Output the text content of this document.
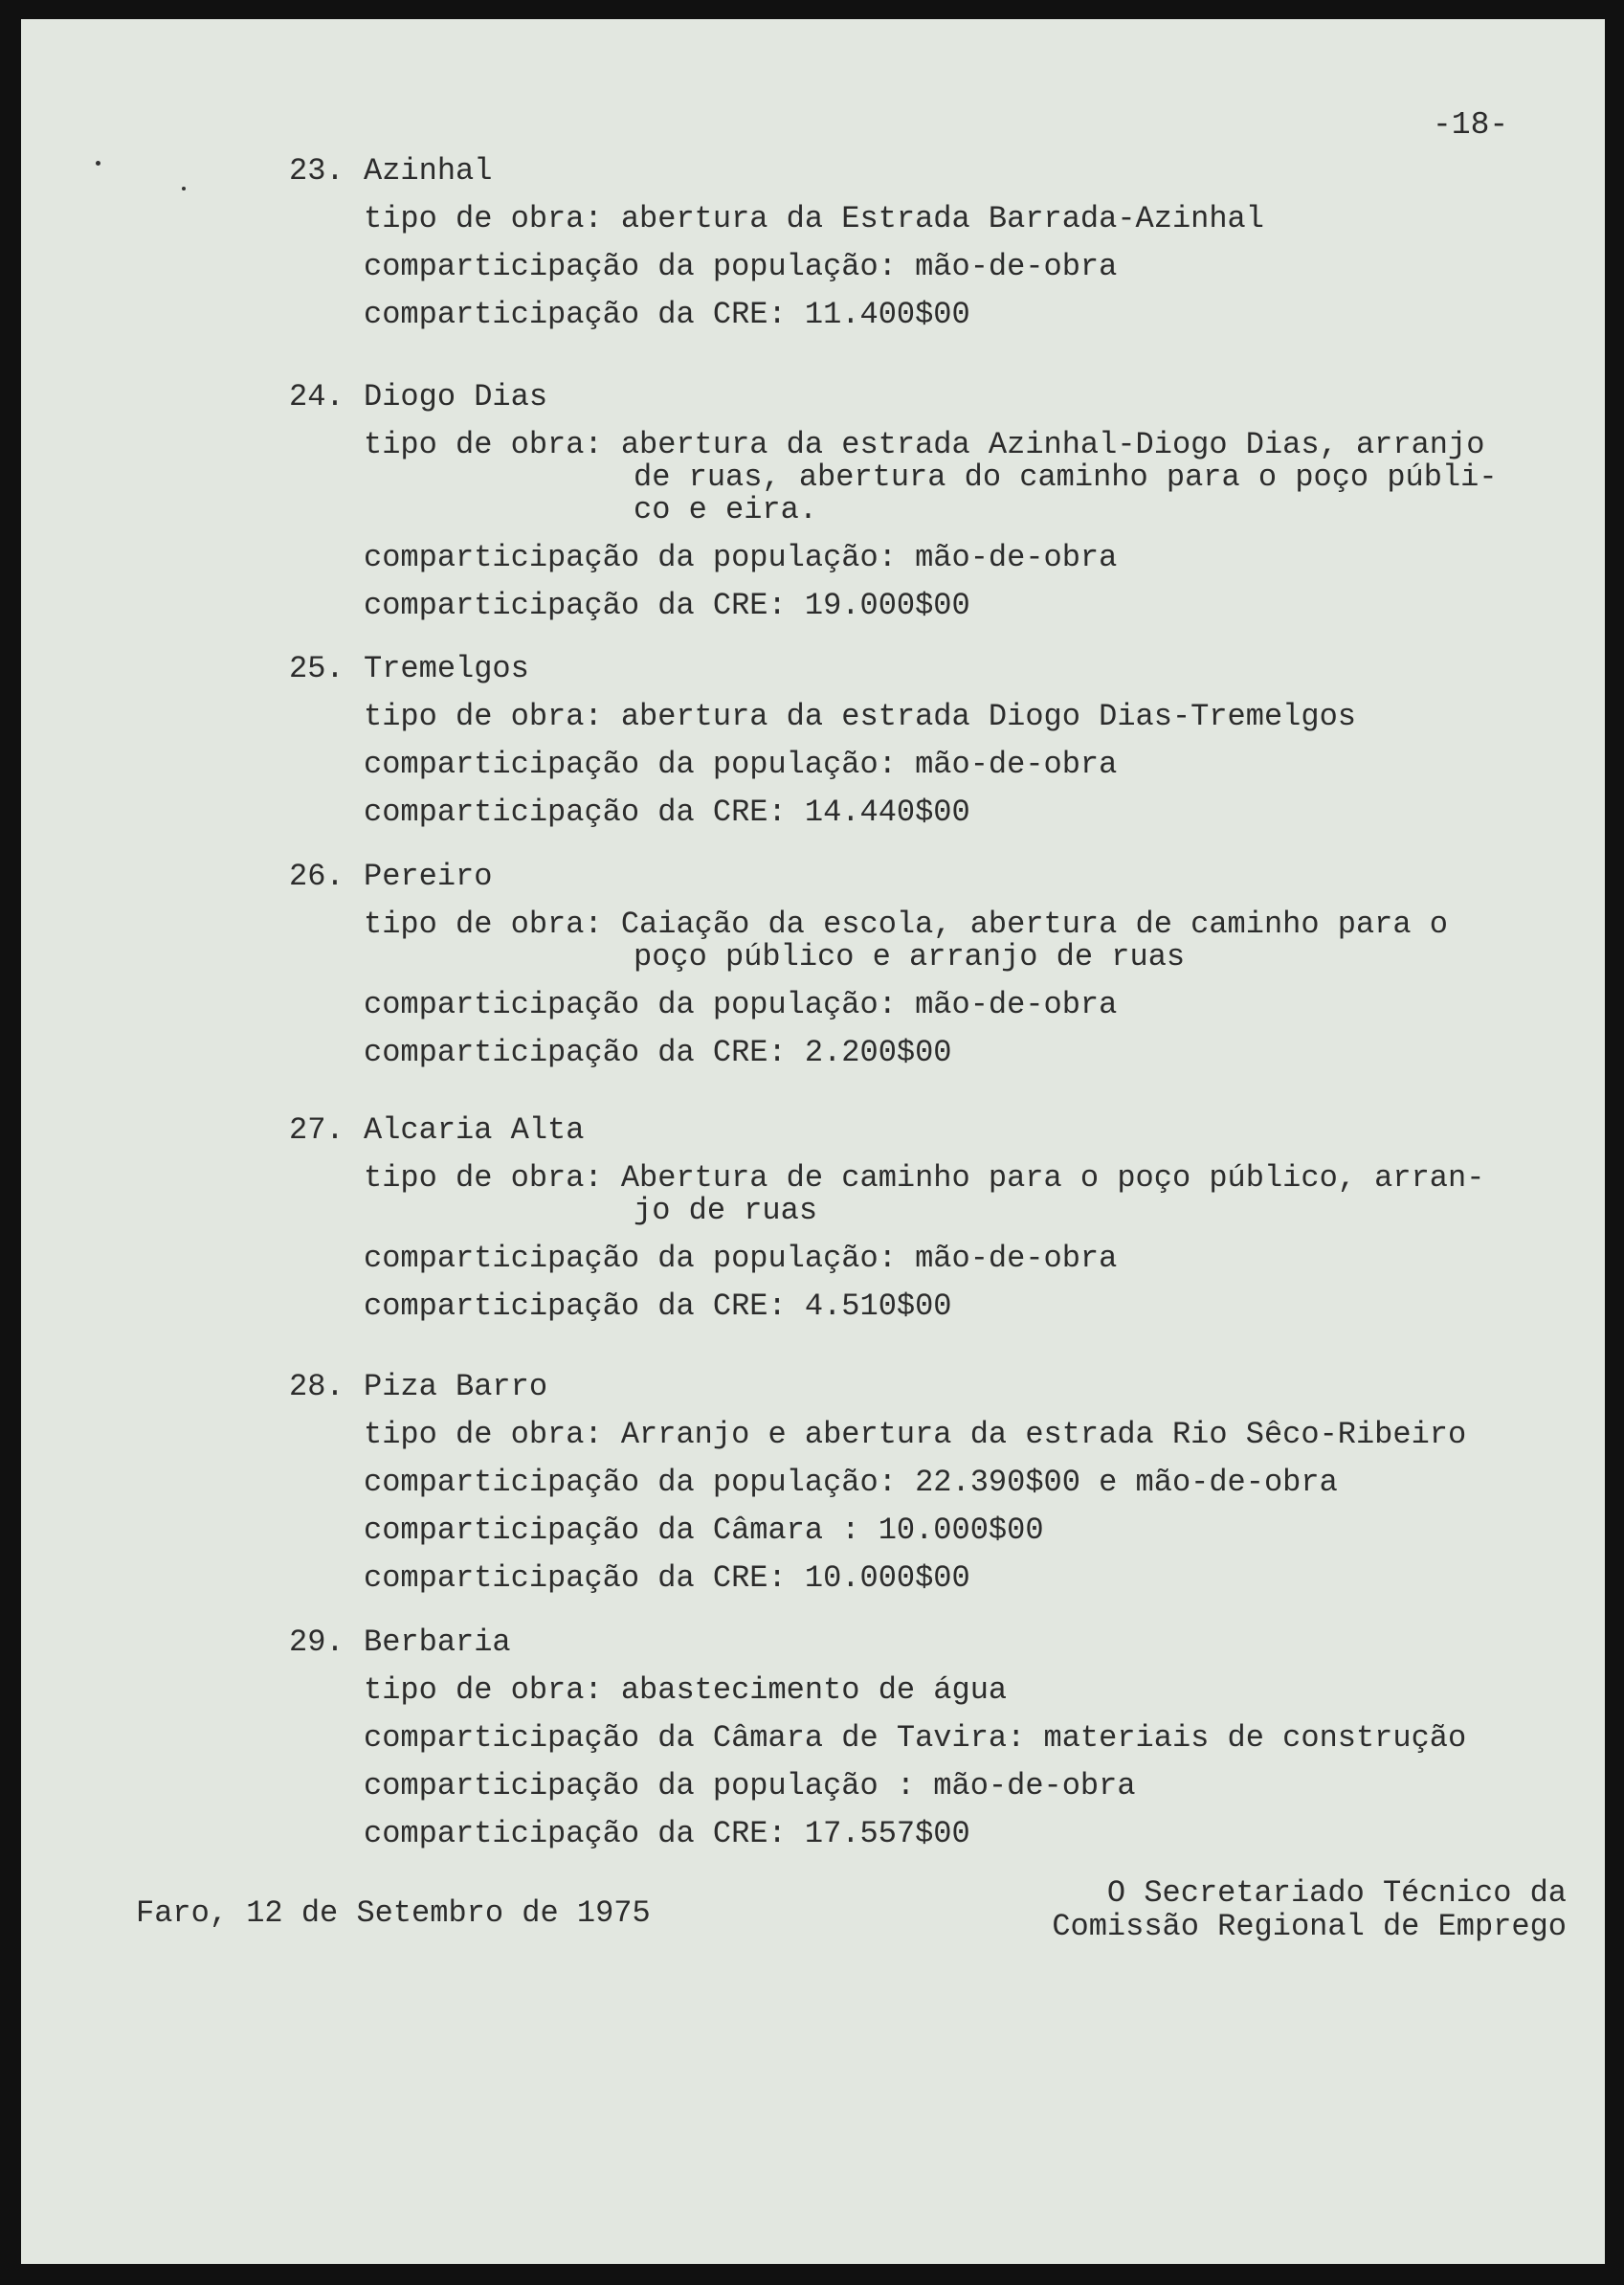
-18-
23. Azinhal
tipo de obra: abertura da Estrada Barrada-Azinhal
comparticipação da população: mão-de-obra
comparticipação da CRE: 11.400$00
24. Diogo Dias
tipo de obra: abertura da estrada Azinhal-Diogo Dias, arranjo
de ruas, abertura do caminho para o poço públi-
co e eira.
comparticipação da população: mão-de-obra
comparticipação da CRE: 19.000$00
25. Tremelgos
tipo de obra: abertura da estrada Diogo Dias-Tremelgos
comparticipação da população: mão-de-obra
comparticipação da CRE: 14.440$00
26. Pereiro
tipo de obra: Caiação da escola, abertura de caminho para o
poço público e arranjo de ruas
comparticipação da população: mão-de-obra
comparticipação da CRE: 2.200$00
27. Alcaria Alta
tipo de obra: Abertura de caminho para o poço público, arran-
jo de ruas
comparticipação da população: mão-de-obra
comparticipação da CRE: 4.510$00
28. Piza Barro
tipo de obra: Arranjo e abertura da estrada Rio Sêco-Ribeiro
comparticipação da população: 22.390$00 e mão-de-obra
comparticipação da Câmara : 10.000$00
comparticipação da CRE: 10.000$00
29. Berbaria
tipo de obra: abastecimento de água
comparticipação da Câmara de Tavira: materiais de construção
comparticipação da população : mão-de-obra
comparticipação da CRE: 17.557$00
Faro, 12 de Setembro de 1975
O Secretariado Técnico da
Comissão Regional de Emprego
